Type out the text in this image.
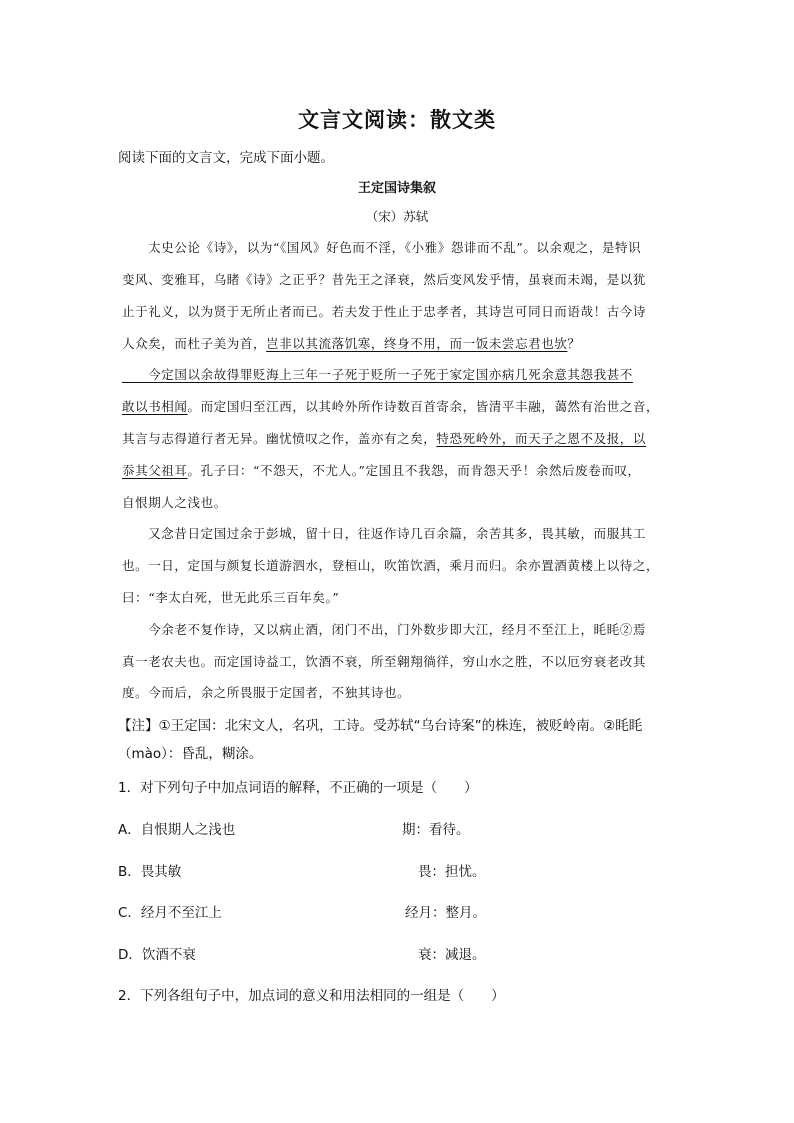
文言文阅读：散文类
阅读下面的文言文，完成下面小题。
王定国诗集叙
（宋）苏轼
　　太史公论《诗》，以为“《国风》好色而不淫，《小雅》怨诽而不乱”。以余观之，是特识
变风、变雅耳，乌睹《诗》之正乎？昔先王之泽衰，然后变风发乎情，虽衰而未竭，是以犹
止于礼义，以为贤于无所止者而已。若夫发于性止于忠孝者，其诗岂可同日而语哉！古今诗
人众矣，而杜子美为首，岂非以其流落饥寒，终身不用，而一饭未尝忘君也欤？
　　今定国以余故得罪贬海上三年一子死于贬所一子死于家定国亦病几死余意其怨我甚不
敢以书相闻。而定国归至江西，以其岭外所作诗数百首寄余，皆清平丰融，蔼然有治世之音，
其言与志得道行者无异。幽忧愤叹之作，盖亦有之矣，特恐死岭外，而天子之恩不及报，以
忝其父祖耳。孔子曰：“不怨天，不尤人。”定国且不我怨，而肯怨天乎！余然后废卷而叹，
自恨期人之浅也。
　　又念昔日定国过余于彭城，留十日，往返作诗几百余篇，余苦其多，畏其敏，而服其工
也。一日，定国与颜复长道游泗水，登桓山，吹笛饮酒，乘月而归。余亦置酒黄楼上以待之，
曰：“李太白死，世无此乐三百年矣。”
　　今余老不复作诗，又以病止酒，闭门不出，门外数步即大江，经月不至江上，眊眊②焉
真一老农夫也。而定国诗益工，饮酒不衰，所至翱翔徜徉，穷山水之胜，不以厄穷衰老改其
度。今而后，余之所畏服于定国者，不独其诗也。
【注】①王定国：北宋文人，名巩，工诗。受苏轼“乌台诗案”的株连，被贬岭南。②眊眊
（mào）：昏乱，糊涂。
1．对下列句子中加点词语的解释，不正确的一项是（　　）
A．自恨期人之浅也	期：看待。
B．畏其敏	畏：担忧。
C．经月不至江上	经月：整月。
D．饮酒不衰	衰：减退。
2．下列各组句子中，加点词的意义和用法相同的一组是（　　）
